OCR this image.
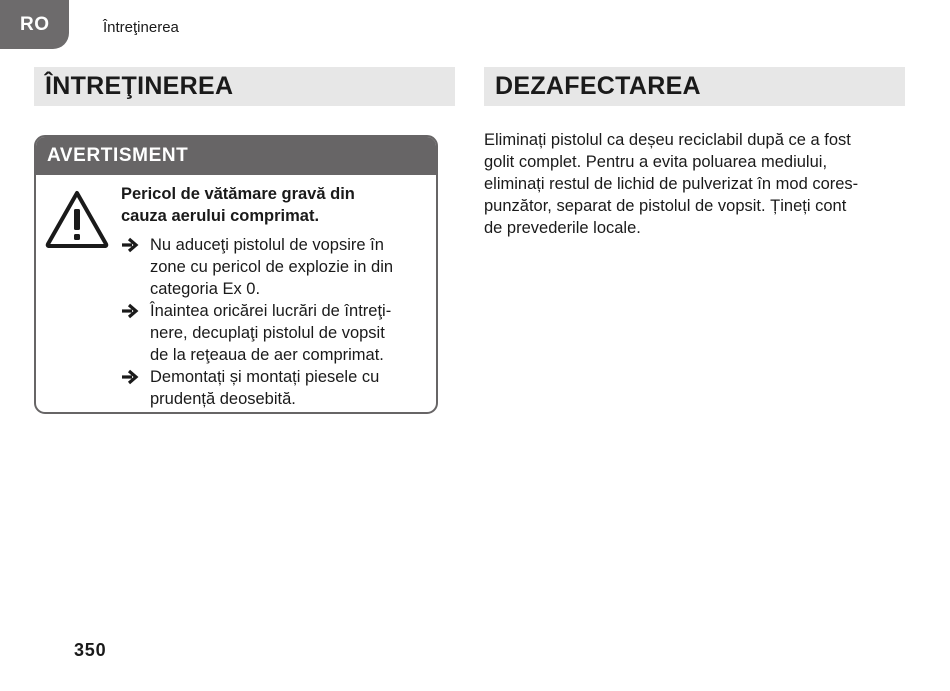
RO	Întreţinerea
ÎNTREŢINEREA	DEZAFECTAREA
AVERTISMENT
Pericol de vătămare gravă din
cauza aerului comprimat.
Nu aduceţi pistolul de vopsire în
zone cu pericol de explozie in din
categoria Ex 0.
Înaintea oricărei lucrări de întreţi-
nere, decuplaţi pistolul de vopsit
de la reţeaua de aer comprimat.
Demontați și montați piesele cu
prudență deosebită.
Eliminați pistolul ca deșeu reciclabil după ce a fost
golit complet. Pentru a evita poluarea mediului,
eliminați restul de lichid de pulverizat în mod cores-
punzător, separat de pistolul de vopsit. Țineți cont
de prevederile locale.
350
